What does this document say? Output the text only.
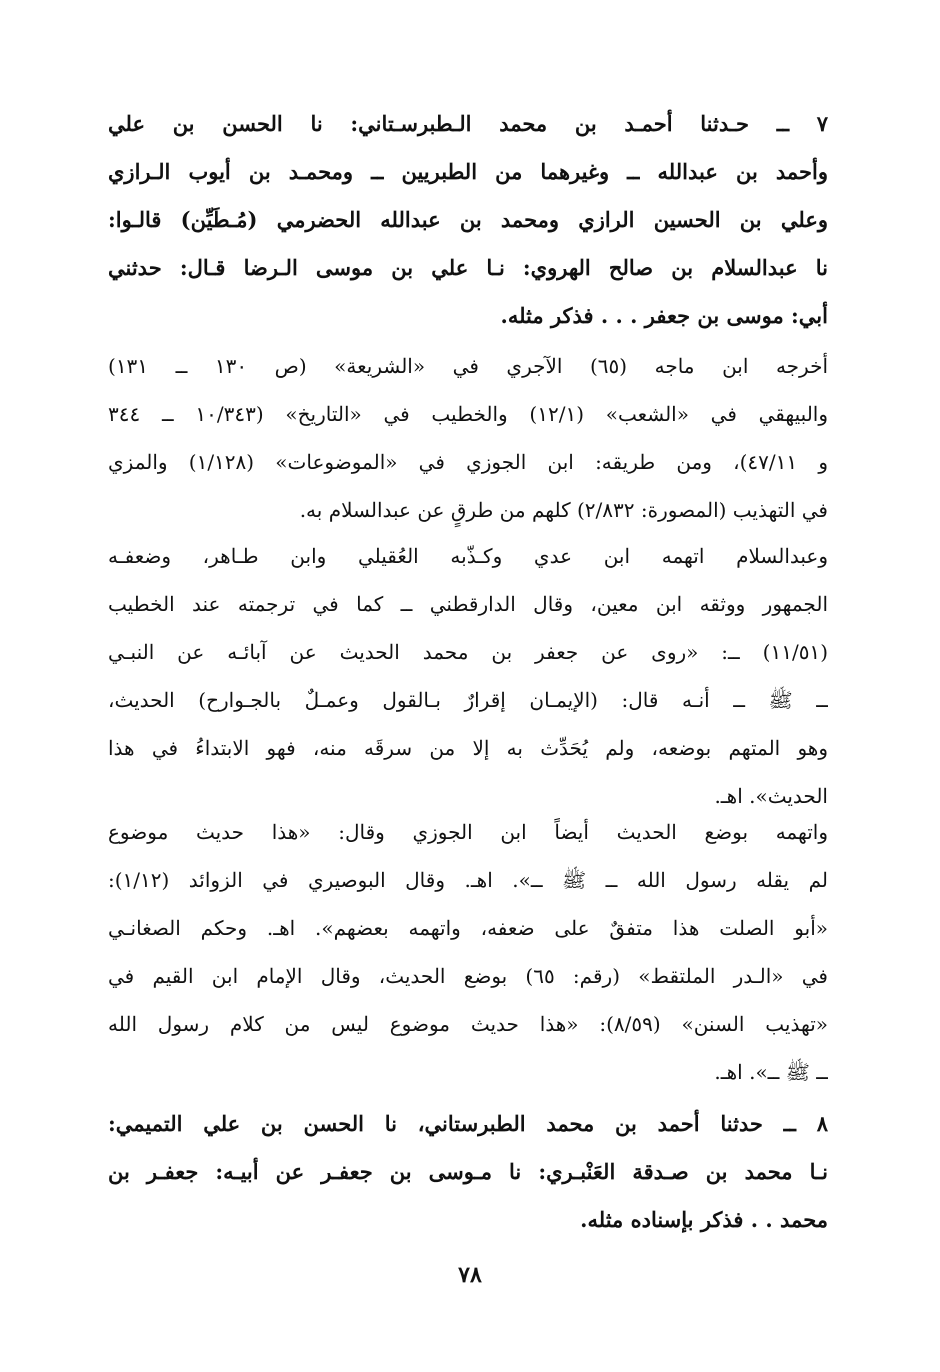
٧ ــ حـدثنا أحمـد بن محمد الـطبرسـتاني: نا الحسن بن علي
وأحمد بن عبدالله ــ وغيرهما من الطبريين ــ ومحمـد بن أيوب الـرازي
وعلي بن الحسين الرازي ومحمد بن عبدالله الحضرمي (مُـطَيِّن) قالـوا:
نا عبدالسلام بن صالح الهروي: نـا علي بن موسى الـرضا قـال: حدثني
أبي: موسى بن جعفر . . . فذكر مثله.
أخرجه ابن ماجه (٦٥) الآجري في «الشريعة» (ص ١٣٠ ــ ١٣١)
والبيهقي في «الشعب» (١٢/١) والخطيب في «التاريخ» (١٠/٣٤٣ ــ ٣٤٤
و ٤٧/١١)، ومن طريقه: ابن الجوزي في «الموضوعات» (١/١٢٨) والمزي
في التهذيب (المصورة: ٢/٨٣٢) كلهم من طرقٍ عن عبدالسلام به.
وعبدالسلام اتهمه ابن عدي وكـذّبه العُقيلي وابن طـاهر، وضعفـه
الجمهور ووثقه ابن معين، وقال الدارقطني ــ كما في ترجمته عند الخطيب
(١١/٥١) ــ: «روى عن جعفر بن محمد الحديث عن آبائـه عن النبـي
ــ ﷺ ــ أنـه قال: (الإيمـان إقرارٌ بـالقول وعمـلٌ بالجـوارح) الحديث،
وهو المتهم بوضعه، ولم يُحَدِّث به إلا من سرقَه منه، فهو الابتداءُ في هذا
الحديث». اهـ.
واتهمه بوضع الحديث أيضاً ابن الجوزي وقال: «هذا حديث موضوع
لم يقله رسول الله ــ ﷺ ــ». اهـ. وقال البوصيري في الزوائد (١/١٢):
«أبو الصلت هذا متفقٌ على ضعفه، واتهمه بعضهم». اهـ. وحكم الصغانـي
في «الـدر الملتقط» (رقم: ٦٥) بوضع الحديث، وقال الإمام ابن القيم في
«تهذيب السنن» (٨/٥٩): «هذا حديث موضوع ليس من كلام رسول الله
ــ ﷺ ــ». اهـ.
٨ ــ حدثنا أحمد بن محمد الطبرستاني، نا الحسن بن علي التميمي:
نـا محمد بن صـدقة العَنْبـري: نا مـوسى بن جعفـر عن أبيـه: جعفـر بن
محمد . . فذكر بإسناده مثله.
٧٨
